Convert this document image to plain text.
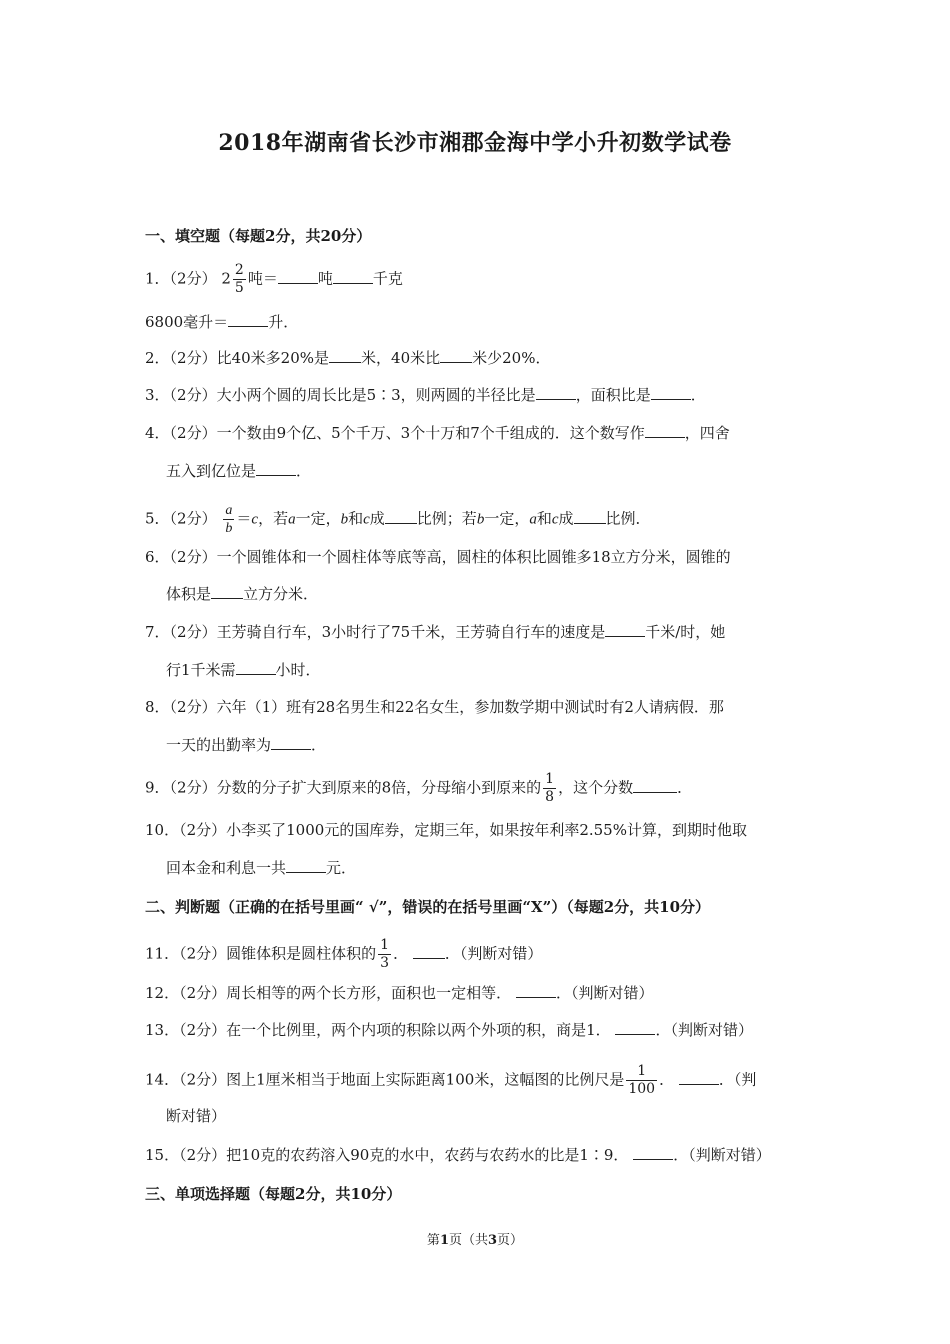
2018年湖南省长沙市湘郡金海中学小升初数学试卷
一、填空题（每题2分，共20分）
1．（2分） $2 \frac{2}{5}$ 吨＝	吨	千克
6800毫升＝	升．
2．（2分）比40米多20%是 米，40米比 米少20%．
3．（2分）大小两个圆的周长比是5∶3，则两圆的半径比是	，面积比是	．
4．（2分）一个数由9个亿、5个千万、3个十万和7个千组成的．这个数写作	，四舍
五入到亿位是	．
5．（2分） $\frac{a}{b} =c$，若a一定，b和c成 比例；若b一定，a和c成 比例．
6．（2分）一个圆锥体和一个圆柱体等底等高，圆柱的体积比圆锥多18立方分米，圆锥的
体积是 立方分米．
7．（2分）王芳骑自行车，3小时行了75千米，王芳骑自行车的速度是	千米/时，她
行1千米需	小时．
8．（2分）六年（1）班有28名男生和22名女生，参加数学期中测试时有2人请病假．那
一天的出勤率为	．
9．（2分）分数的分子扩大到原来的8倍，分母缩小到原来的 $\frac{1}{8}$ ，这个分数	．
10．（2分）小李买了1000元的国库券，定期三年，如果按年利率2.55%计算，到期时他取
回本金和利息一共	元．
二、判断题（正确的在括号里画“ √”，错误的在括号里画“X”）（每题2分，共10分）
11．（2分）圆锥体积是圆柱体积的 $\frac{1}{3}$ ． ．（判断对错）
12．（2分）周长相等的两个长方形，面积也一定相等．	．（判断对错）
13．（2分）在一个比例里，两个内项的积除以两个外项的积，商是1．	．（判断对错）
14．（2分）图上1厘米相当于地面上实际距离100米，这幅图的比例尺是 $\frac{1}{100}$ ．	．（判
断对错）
15．（2分）把10克的农药溶入90克的水中，农药与农药水的比是1∶9．	．（判断对错）
三、单项选择题（每题2分，共10分）
第1页（共3页）
